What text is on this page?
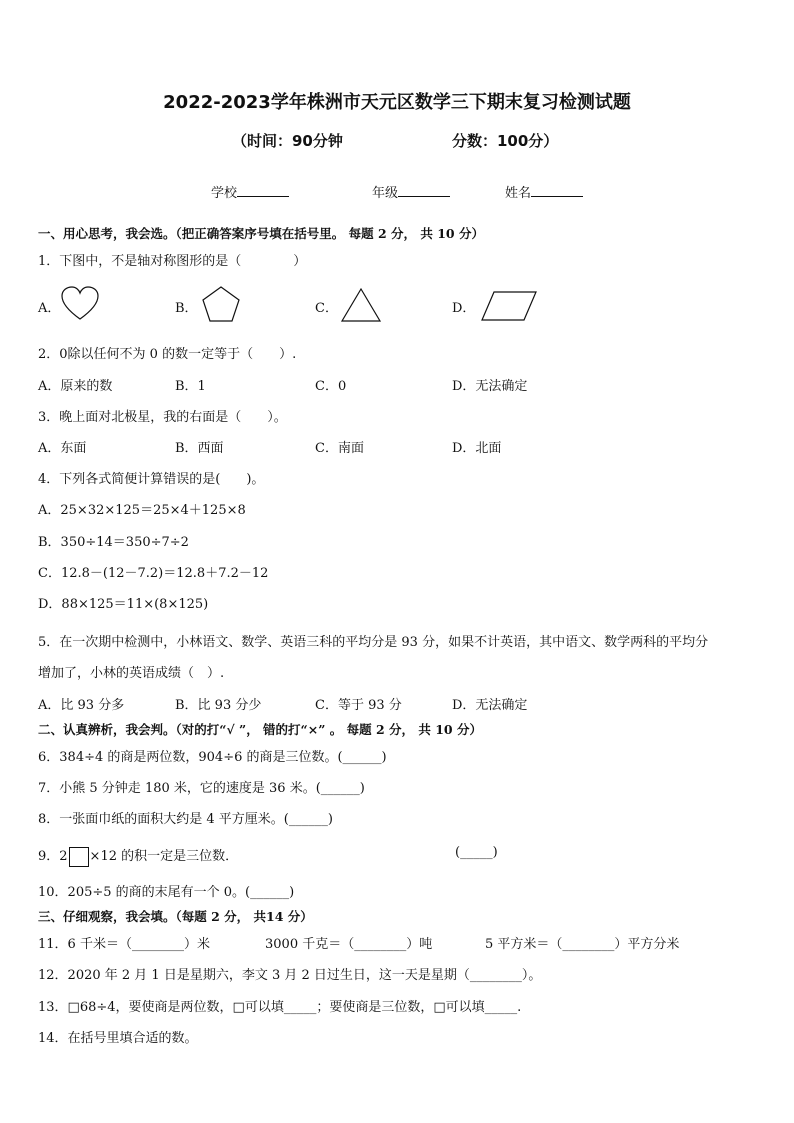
2022-2023学年株洲市天元区数学三下期末复习检测试题
（时间：90分钟	分数：100分）
学校	年级	姓名
一、用心思考，我会选。（把正确答案序号填在括号里。 每题 2 分， 共 10 分）
1．下图中，不是轴对称图形的是（　　　　）
A．	B．	C．	D．
2．0除以任何不为 0 的数一定等于（　　）.
A．原来的数	B．1	C．0	D．无法确定
3．晚上面对北极星，我的右面是（　　）。
A．东面	B．西面	C．南面	D．北面
4．下列各式简便计算错误的是(　　)。
A．25×32×125＝25×4＋125×8
B．350÷14＝350÷7÷2
C．12.8－(12－7.2)＝12.8＋7.2－12
D．88×125＝11×(8×125)
5．在一次期中检测中，小林语文、数学、英语三科的平均分是 93 分，如果不计英语，其中语文、数学两科的平均分
增加了，小林的英语成绩（　）.
A．比 93 分多	B．比 93 分少	C．等于 93 分	D．无法确定
二、认真辨析，我会判。（对的打“√ ”， 错的打“×” 。 每题 2 分， 共 10 分）
6．384÷4 的商是两位数，904÷6 的商是三位数。(______)
7．小熊 5 分钟走 180 米，它的速度是 36 米。(______)
8．一张面巾纸的面积大约是 4 平方厘米。(______)
9．2 ×12 的积一定是三位数．	(_____)
10．205÷5 的商的末尾有一个 0。(______)
三、仔细观察，我会填。（每题 2 分， 共14 分）
11．6 千米＝（________）米	3000 千克＝（________）吨	5 平方米＝（________）平方分米
12．2020 年 2 月 1 日是星期六，李文 3 月 2 日过生日，这一天是星期（________）。
13．□68÷4，要使商是两位数，□可以填_____；要使商是三位数，□可以填_____.
14．在括号里填合适的数。
